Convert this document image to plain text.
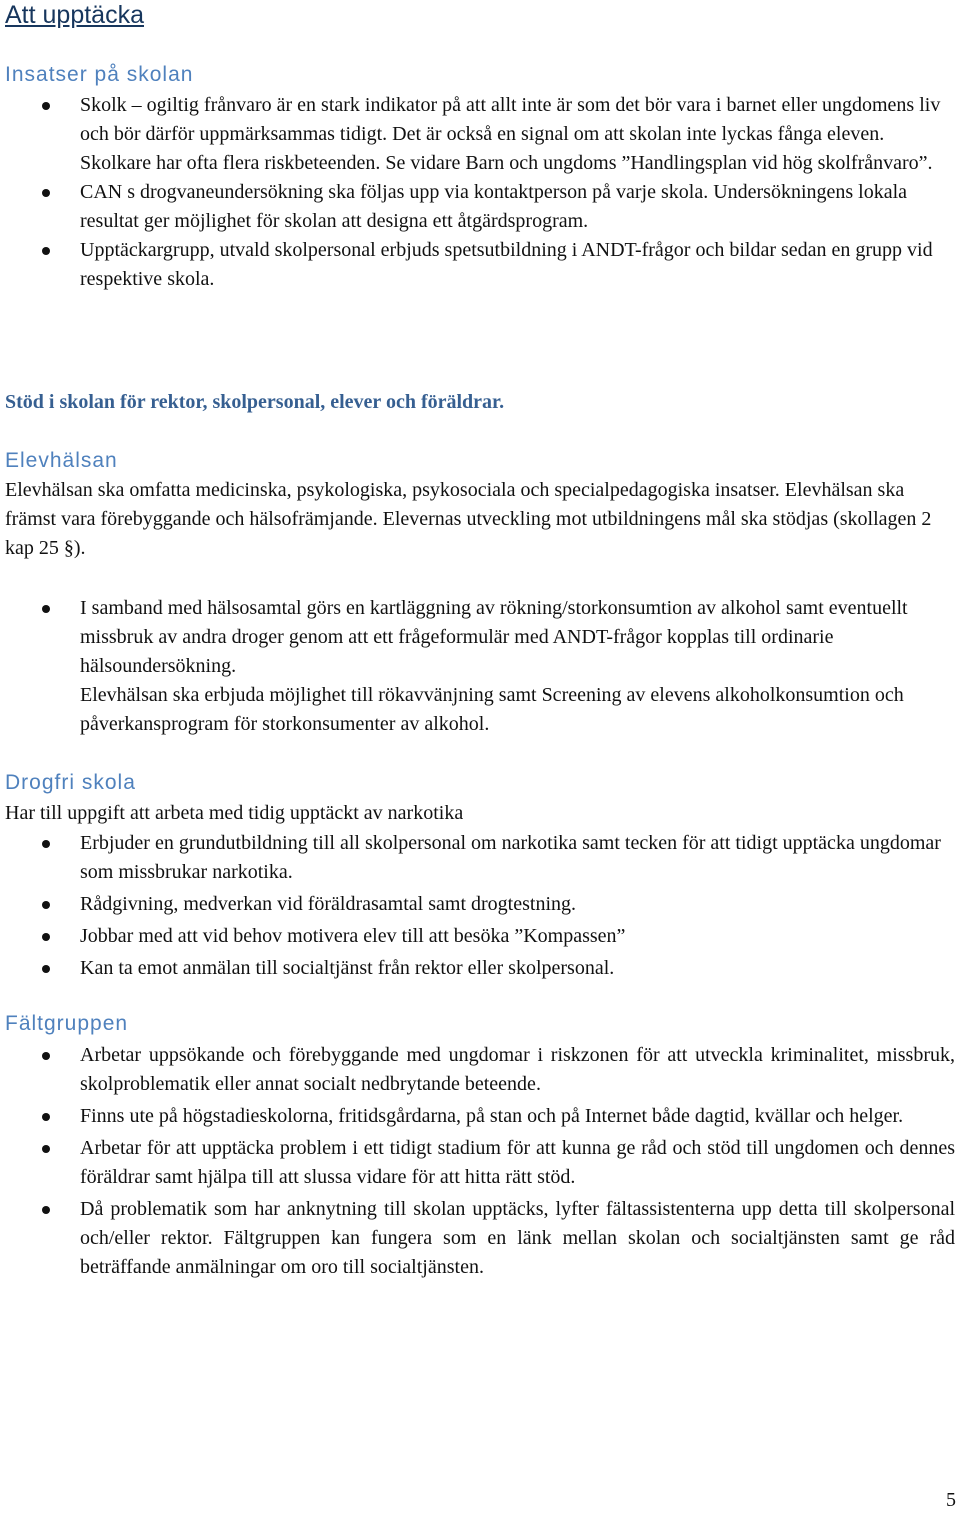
Att upptäcka
Insatser på skolan
Skolk – ogiltig frånvaro är en stark indikator på att allt inte är som det bör vara i barnet eller ungdomens liv och bör därför uppmärksammas tidigt. Det är också en signal om att skolan inte lyckas fånga eleven. Skolkare har ofta flera riskbeteenden. Se vidare Barn och ungdoms ”Handlingsplan vid hög skolfrånvaro”.
CAN s drogvaneundersökning ska följas upp via kontaktperson på varje skola. Undersökningens lokala resultat ger möjlighet för skolan att designa ett åtgärdsprogram.
Upptäckargrupp, utvald skolpersonal erbjuds spetsutbildning i ANDT-frågor och bildar sedan en grupp vid respektive skola.
Stöd i skolan för rektor, skolpersonal, elever och föräldrar.
Elevhälsan

Elevhälsan ska omfatta medicinska, psykologiska, psykosociala och specialpedagogiska insatser. Elevhälsan ska främst vara förebyggande och hälsofrämjande. Elevernas utveckling mot utbildningens mål ska stödjas (skollagen 2 kap 25 §).

I samband med hälsosamtal görs en kartläggning av rökning/storkonsumtion av alkohol samt eventuellt missbruk av andra droger genom att ett frågeformulär med ANDT-frågor kopplas till ordinarie hälsoundersökning.
Elevhälsan ska erbjuda möjlighet till rökavvänjning samt Screening av elevens alkoholkonsumtion och påverkansprogram för storkonsumenter av alkohol.
Drogfri skola

Har till uppgift att arbeta med tidig upptäckt av narkotika

Erbjuder en grundutbildning till all skolpersonal om narkotika samt tecken för att tidigt upptäcka ungdomar som missbrukar narkotika.
Rådgivning, medverkan vid föräldrasamtal samt drogtestning.
Jobbar med att vid behov motivera elev till att besöka ”Kompassen”
Kan ta emot anmälan till socialtjänst från rektor eller skolpersonal.
Fältgruppen
Arbetar uppsökande och förebyggande med ungdomar i riskzonen för att utveckla kriminalitet, missbruk, skolproblematik eller annat socialt nedbrytande beteende.
Finns ute på högstadieskolorna, fritidsgårdarna, på stan och på Internet både dagtid, kvällar och helger.
Arbetar för att upptäcka problem i ett tidigt stadium för att kunna ge råd och stöd till ungdomen och dennes föräldrar samt hjälpa till att slussa vidare för att hitta rätt stöd.
Då problematik som har anknytning till skolan upptäcks, lyfter fältassistenterna upp detta till skolpersonal och/eller rektor. Fältgruppen kan fungera som en länk mellan skolan och socialtjänsten samt ge råd beträffande anmälningar om oro till socialtjänsten.
5
